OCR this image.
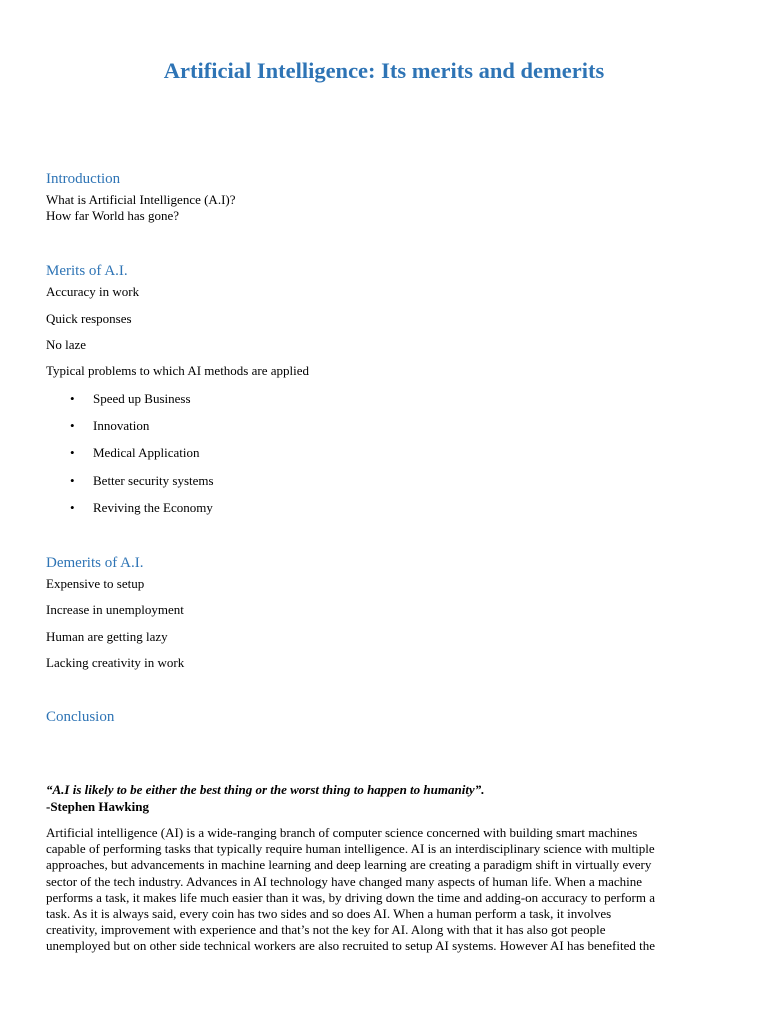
Artificial Intelligence: Its merits and demerits
Introduction
What is Artificial Intelligence (A.I)?
How far World has gone?
Merits of A.I.
Accuracy in work
Quick responses
No laze
Typical problems to which AI methods are applied
• Speed up Business
• Innovation
• Medical Application
• Better security systems
• Reviving the Economy
Demerits of A.I.
Expensive to setup
Increase in unemployment
Human are getting lazy
Lacking creativity in work
Conclusion
“A.I is likely to be either the best thing or the worst thing to happen to humanity”.
-Stephen Hawking
Artificial intelligence (AI) is a wide-ranging branch of computer science concerned with building smart machines
capable of performing tasks that typically require human intelligence. AI is an interdisciplinary science with multiple
approaches, but advancements in machine learning and deep learning are creating a paradigm shift in virtually every
sector of the tech industry. Advances in AI technology have changed many aspects of human life. When a machine
performs a task, it makes life much easier than it was, by driving down the time and adding-on accuracy to perform a
task. As it is always said, every coin has two sides and so does AI. When a human perform a task, it involves
creativity, improvement with experience and that’s not the key for AI. Along with that it has also got people
unemployed but on other side technical workers are also recruited to setup AI systems. However AI has benefited the
